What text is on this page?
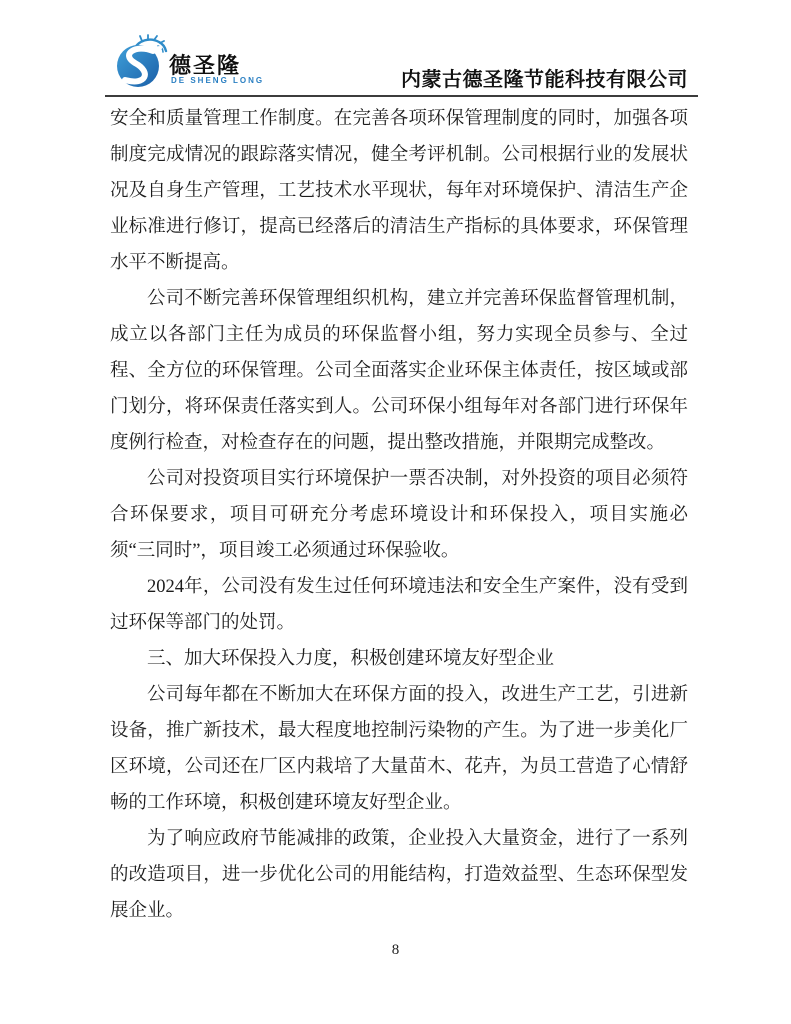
德圣隆
DE SHENG LONG	内蒙古德圣隆节能科技有限公司

安全和质量管理工作制度。在完善各项环保管理制度的同时，加强各项制度完成情况的跟踪落实情况，健全考评机制。公司根据行业的发展状况及自身生产管理，工艺技术水平现状，每年对环境保护、清洁生产企业标准进行修订，提高已经落后的清洁生产指标的具体要求，环保管理水平不断提高。

公司不断完善环保管理组织机构，建立并完善环保监督管理机制，成立以各部门主任为成员的环保监督小组，努力实现全员参与、全过程、全方位的环保管理。公司全面落实企业环保主体责任，按区域或部门划分，将环保责任落实到人。公司环保小组每年对各部门进行环保年度例行检查，对检查存在的问题，提出整改措施，并限期完成整改。

公司对投资项目实行环境保护一票否决制，对外投资的项目必须符合环保要求，项目可研充分考虑环境设计和环保投入，项目实施必须“三同时”，项目竣工必须通过环保验收。

2024年，公司没有发生过任何环境违法和安全生产案件，没有受到过环保等部门的处罚。

三、加大环保投入力度，积极创建环境友好型企业

公司每年都在不断加大在环保方面的投入，改进生产工艺，引进新设备，推广新技术，最大程度地控制污染物的产生。为了进一步美化厂区环境，公司还在厂区内栽培了大量苗木、花卉，为员工营造了心情舒畅的工作环境，积极创建环境友好型企业。

为了响应政府节能减排的政策，企业投入大量资金，进行了一系列的改造项目，进一步优化公司的用能结构，打造效益型、生态环保型发展企业。

8
